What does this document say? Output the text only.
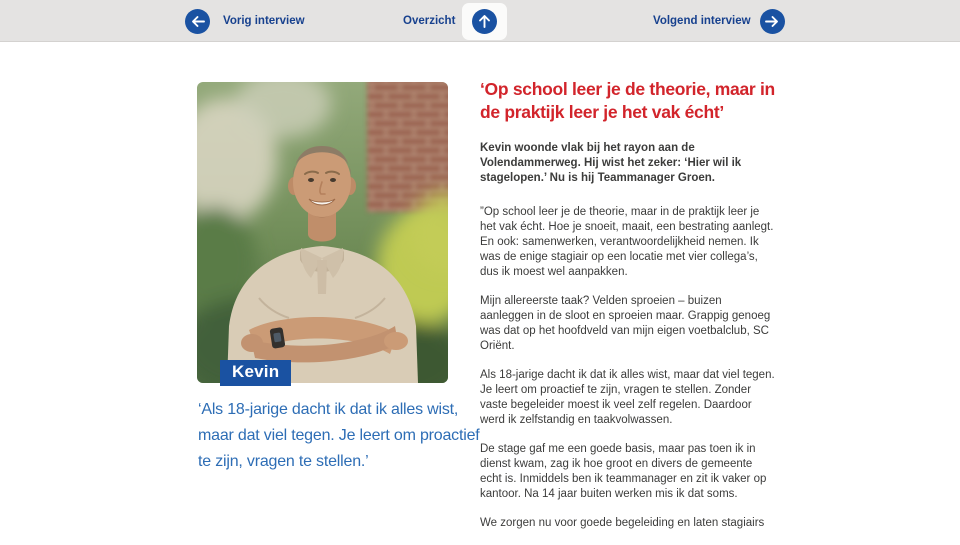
Vorig interview	Overzicht	Volgend interview
Kevin
‘Als 18-jarige dacht ik dat ik alles wist, maar dat viel tegen. Je leert om proactief te zijn, vragen te stellen.’
‘Op school leer je de theorie, maar in de praktijk leer je het vak écht’

Kevin woonde vlak bij het rayon aan de Volendammerweg. Hij wist het zeker: ‘Hier wil ik stagelopen.’ Nu is hij Teammanager Groen.

”Op school leer je de theorie, maar in de praktijk leer je het vak écht. Hoe je snoeit, maait, een bestrating aanlegt. En ook: samenwerken, verantwoordelijkheid nemen. Ik was de enige stagiair op een locatie met vier collega’s, dus ik moest wel aanpakken.

Mijn allereerste taak? Velden sproeien – buizen aanleggen in de sloot en sproeien maar. Grappig genoeg was dat op het hoofdveld van mijn eigen voetbalclub, SC Oriënt.

Als 18-jarige dacht ik dat ik alles wist, maar dat viel tegen. Je leert om proactief te zijn, vragen te stellen. Zonder vaste begeleider moest ik veel zelf regelen. Daardoor werd ik zelfstandig en taakvolwassen.

De stage gaf me een goede basis, maar pas toen ik in dienst kwam, zag ik hoe groot en divers de gemeente echt is. Inmiddels ben ik teammanager en zit ik vaker op kantoor. Na 14 jaar buiten werken mis ik dat soms.

We zorgen nu voor goede begeleiding en laten stagiairs
